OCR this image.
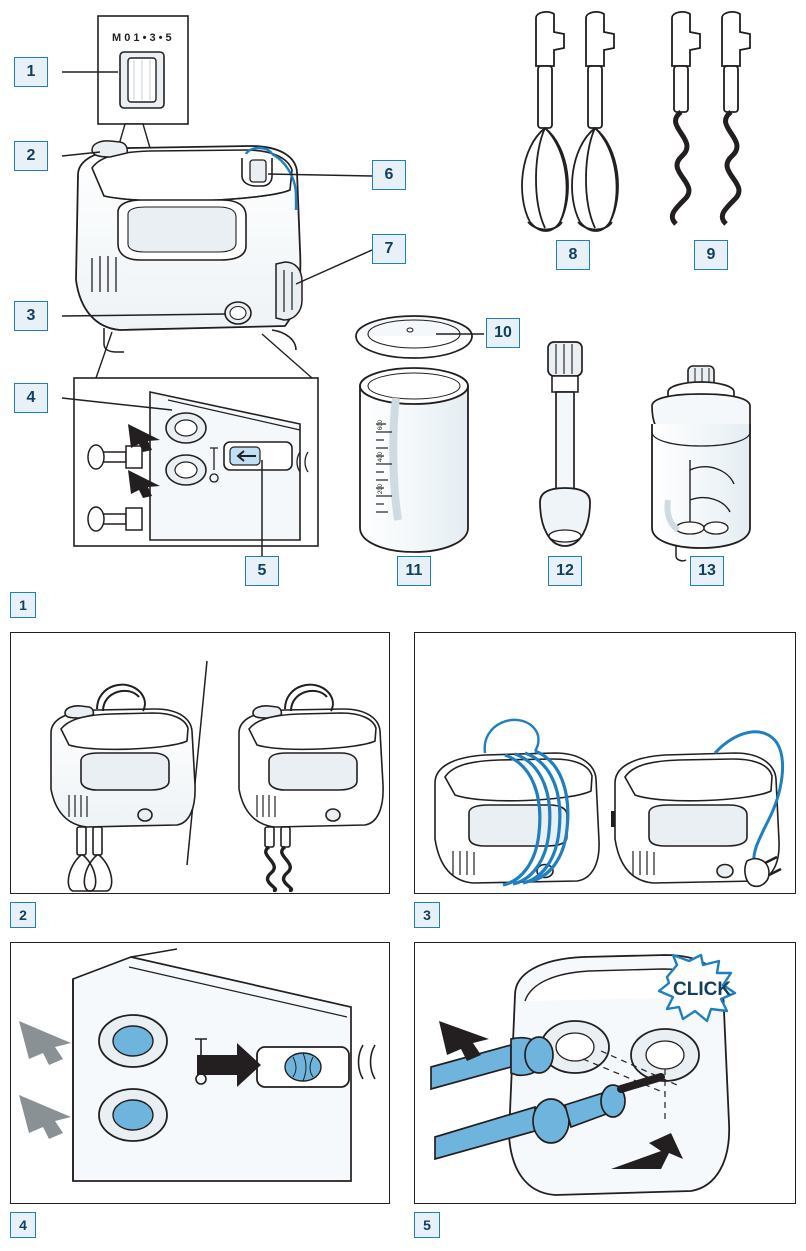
M 0 1 • 3 • 5
600
400
200
1
2
3
4
5
6
7	8	9
10
11	12	13
1
2	3
4
CLICK
5
